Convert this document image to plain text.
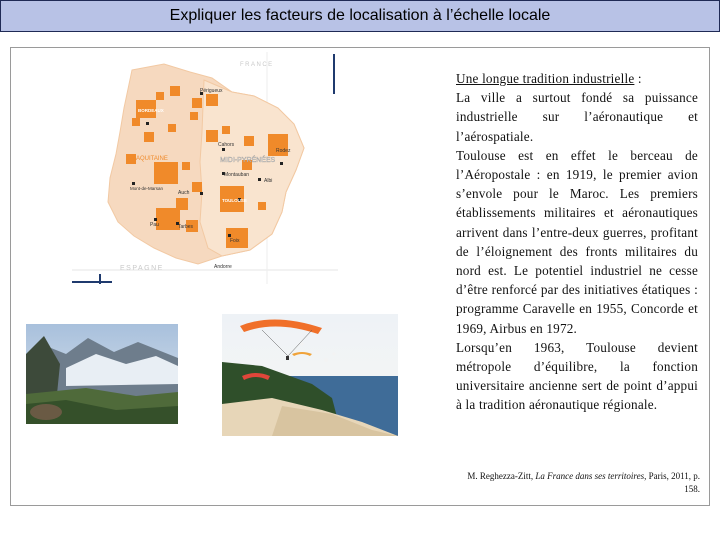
Expliquer les facteurs de localisation à l’échelle locale
FRANCE
AQUITAINE	MIDI-PYRÉNÉES
ESPAGNE
BORDEAUX
Périgueux
Cahors
Rodez
Montauban
Albi
Mont-de-Marsan
Auch
TOULOUSE
Pau	Tarbes
Foix
Andorre

Une longue tradition industrielle :

La ville a surtout fondé sa puissance industrielle sur l’aéronautique et l’aérospatiale.

Toulouse est en effet le berceau de l’Aéropostale : en 1919, le premier avion s’envole pour le Maroc. Les premiers établissements militaires et aéronautiques arrivent dans l’entre-deux guerres, profitant de l’éloignement des fronts militaires du nord est. Le potentiel industriel ne cesse d’être renforcé par des initiatives étatiques : programme Caravelle en 1955, Concorde et 1969, Airbus en 1972.

Lorsqu’en 1963, Toulouse devient métropole d’équilibre, la fonction universitaire ancienne sert de point d’appui à la tradition aéronautique régionale.

M. Reghezza-Zitt, La France dans ses territoires, Paris, 2011, p. 158.
